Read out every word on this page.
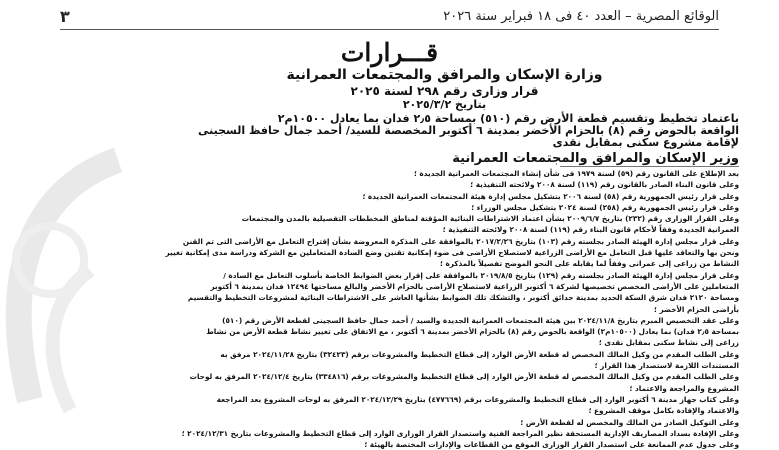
الوقائع المصرية – العدد ٤٠ فى ١٨ فبراير سنة ٢٠٢٦
٣
قـــرارات
وزارة الإسكان والمرافق والمجتمعات العمرانية
قرار وزارى رقم ٢٩٨ لسنة ٢٠٢٥
بتاريخ ٢٠٢٥/٣/٢
باعتماد تخطيط وتقسيم قطعة الأرض رقم (٥١٠) بمساحة ٢٫٥ فدان بما يعادل ١٠٥٠٠م٢
الواقعة بالحوض رقم (٨) بالحزام الأخضر بمدينة ٦ أكتوبر المخصصة للسيد/ أحمد جمال حافظ السجينى
لإقامة مشروع سكنى بمقابل نقدى
وزير الإسكان والمرافق والمجتمعات العمرانية
بعد الإطلاع على القانون رقم (٥٩) لسنة ١٩٧٩ فى شأن إنشاء المجتمعات العمرانية الجديدة ؛
وعلى قانون البناء الصادر بالقانون رقم (١١٩) لسنة ٢٠٠٨ ولائحته التنفيذية ؛
وعلى قرار رئيس الجمهورية رقم (٥٨) لسنة ٢٠٠٦ بتشكيل مجلس إدارة هيئة المجتمعات العمرانية الجديدة ؛
وعلى قرار رئيس الجمهورية رقم (٢٥٨) لسنة ٢٠٢٤ بتشكيل مجلس الوزراء ؛
وعلى القرار الوزارى رقم (٢٣٢) بتاريخ ٢٠٠٩/٦/٧ بشأن اعتماد الاشتراطات البنائية المؤقتة لمناطق المخططات التفصيلية بالمدن والمجتمعات
العمرانية الجديدة وفقاً لأحكام قانون البناء رقم (١١٩) لسنة ٢٠٠٨ ولائحته التنفيذية ؛
وعلى قرار مجلس إدارة الهيئة الصادر بجلسته رقم (١٠٣) بتاريخ ٢٠١٧/٢/٢٦ بالموافقة على المذكرة المعروضة بشأن إقتراح التعامل مع الأراضى التى تم القنن
ونحن بها والتعاقد عليها قبل التعامل مع الأراضى الزراعية لاستصلاح الأراضى فى ضوء إمكانية تقنين وضع السادة المتعاملين مع الشركة ودراسة مدى إمكانية تغيير
النشاط من زراعى إلى عمرانى وفقاً لما يقابله على النحو الموضح تفصيلاً بالمذكرة ؛
وعلى قرار مجلس إدارة الهيئة الصادر بجلسته رقم (١٢٩) بتاريخ ٢٠١٩/٨/٥ بالموافقة على إقرار بعض الضوابط الخاصة بأسلوب التعامل مع السادة /
المتعاملين على الأراضى المخصص تخصيصها لشركة ٦ أكتوبر الزراعية لاستصلاح الأراضى بالحزام الأخضر والبالغ مساحتها ١٢٤٩٤ فدان بمدينة ٦ أكتوبر
ومساحة ٢١٢٠ فدان شرق السكة الحديد بمدينة حدائق أكتوبر ، والتشكك تلك الضوابط بشأنها العاشر على الاشتراطات البنائية لمشروعات التخطيط والتقسيم
بأراضى الحزام الأخضر ؛
وعلى عقد التخصيص المبرم بتاريخ ٢٠٢٤/١١/٨ بين هيئة المجتمعات العمرانية الجديدة والسيد / أحمد جمال حافظ السجينى لقطعة الأرض رقم (٥١٠)
بمساحة ٢٫٥ فدان) بما يعادل (١٠٥٠٠م٢) الواقعة بالحوض رقم (٨) بالحزام الأخضر بمدينة ٦ أكتوبر ، مع الاتفاق على تغيير نشاط قطعة الأرض من نشاط
زراعى إلى نشاط سكنى بمقابل نقدى ؛
وعلى الطلب المقدم من وكيل المالك المخصص له قطعة الأرض الوارد إلى قطاع التخطيط والمشروعات برقم (٣٢٤٢٣) بتاريخ ٢٠٢٤/١١/٢٨ مرفق به
المستندات اللازمة لاستصدار هذا القرار ؛
وعلى الطلب المقدم من وكيل المالك المخصص له قطعة الأرض الوارد إلى قطاع التخطيط والمشروعات برقم (٣٣٤٨١٦) بتاريخ ٢٠٢٤/١٢/٤ المرفق به لوحات
المشروع والمراجعة والاعتماد ؛
وعلى كتاب جهاز مدينة ٦ أكتوبر الوارد إلى قطاع التخطيط والمشروعات برقم (٤٧٧٦٦٩) بتاريخ ٢٠٢٤/١٢/٢٩ المرفق به لوحات المشروع بعد المراجعة
والاعتماد والإفادة بكامل موقف المشروع ؛
وعلى التوكيل الصادر من المالك والمخصص له لقطعة الأرض ؛
وعلى الإفادة بسداد المصاريف الإدارية المستحقة نظير المراجعة الفنية واستصدار القرار الوزارى الوارد إلى قطاع التخطيط والمشروعات بتاريخ ٢٠٢٤/١٢/٣١ ؛
وعلى جدول عدم الممانعة على استصدار القرار الوزارى الموقع من القطاعات والإدارات المختصة بالهيئة ؛
